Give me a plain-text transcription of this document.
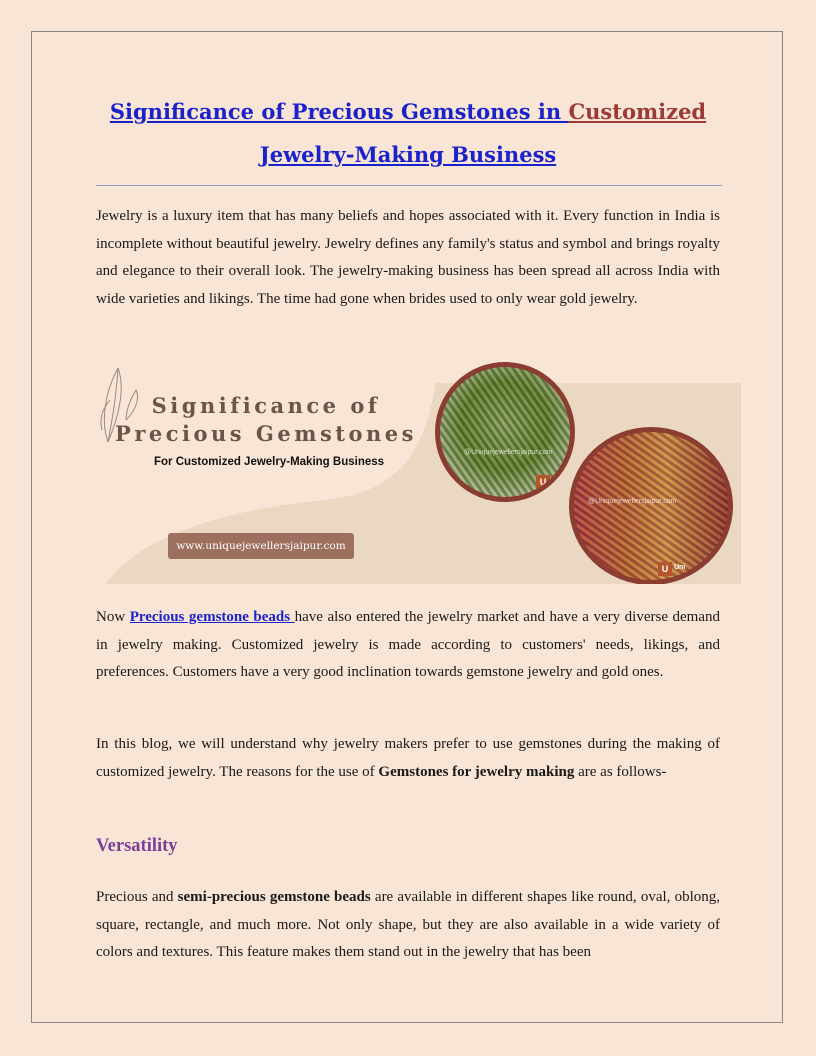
Significance of Precious Gemstones in Customized
Jewelry-Making Business

Jewelry is a luxury item that has many beliefs and hopes associated with it. Every function in India is incomplete without beautiful jewelry. Jewelry defines any family's status and symbol and brings royalty and elegance to their overall look. The jewelry-making business has been spread all across India with wide varieties and likings. The time had gone when brides used to only wear gold jewelry.

Significance of
Precious Gemstones
For Customized Jewelry-Making Business
www.uniquejewellersjaipur.com
@Uniquejewellersjaipur.com
U
@Uniquejewellersjaipur.com
U Uni

Now Precious gemstone beads have also entered the jewelry market and have a very diverse demand in jewelry making. Customized jewelry is made according to customers' needs, likings, and preferences. Customers have a very good inclination towards gemstone jewelry and gold ones.

In this blog, we will understand why jewelry makers prefer to use gemstones during the making of customized jewelry. The reasons for the use of Gemstones for jewelry making are as follows-

Versatility

Precious and semi-precious gemstone beads are available in different shapes like round, oval, oblong, square, rectangle, and much more. Not only shape, but they are also available in a wide variety of colors and textures. This feature makes them stand out in the jewelry that has been
